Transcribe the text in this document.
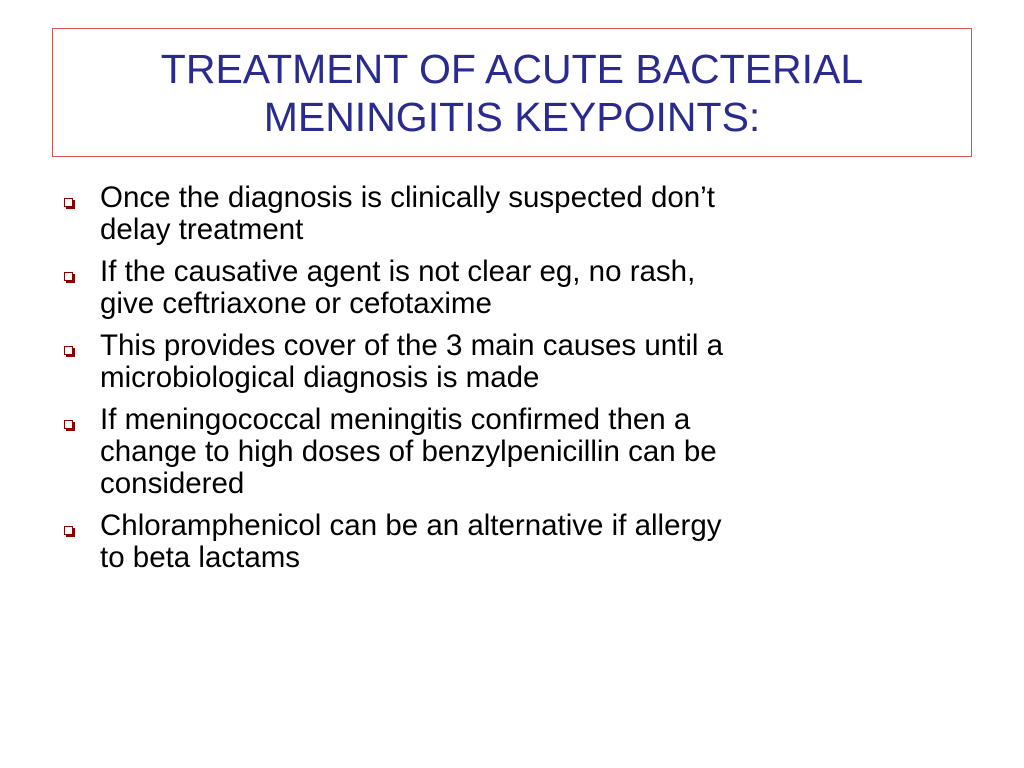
TREATMENT OF ACUTE BACTERIAL
MENINGITIS KEYPOINTS:
Once the diagnosis is clinically suspected don’t
delay treatment
If the causative agent is not clear eg, no rash,
give ceftriaxone or cefotaxime
This provides cover of the 3 main causes until a
microbiological diagnosis is made
If meningococcal meningitis confirmed then a
change to high doses of benzylpenicillin can be
considered
Chloramphenicol can be an alternative if allergy
to beta lactams
